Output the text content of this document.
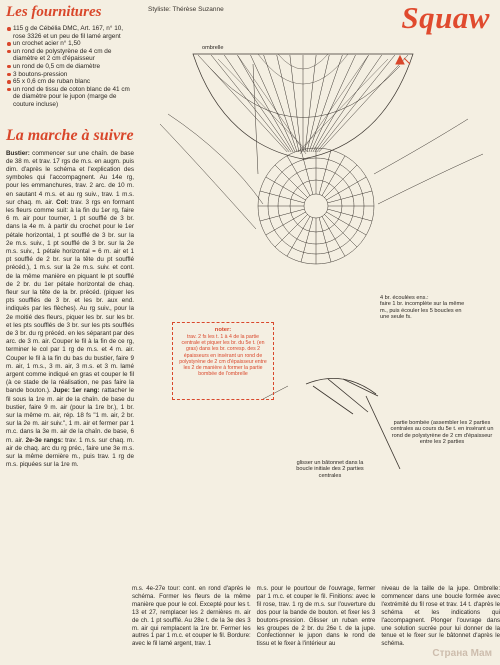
Les fournitures
115 g de Cébélia DMC, Art. 167, n° 10, rose 3326 et un peu de fil lamé argent
un crochet acier n° 1,50
un rond de polystyrène de 4 cm de diamètre et 2 cm d'épaisseur
un rond de 0,5 cm de diamètre
3 boutons-pression
65 x 0,6 cm de ruban blanc
un rond de tissu de coton blanc de 41 cm de diamètre pour le jupon (marge de couture incluse)
La marche à suivre
Bustier: commencer sur une chaîn. de base de 38 m. et trav. 17 rgs de m.s. en augm. puis dim. d'après le schéma et l'explication des symboles qui l'accompagnent. Au 14e rg, pour les emmanchures, trav. 2 arc. de 10 m. en sautant 4 m.s. et au rg suiv., trav. 1 m.s. sur chaq. m. air. Col: trav. 3 rgs en formant les fleurs comme suit: à la fin du 1er rg, faire 6 m. air pour tourner, 1 pt soufflé de 3 br. dans la 4e m. à partir du crochet pour le 1er pétale horizontal, 1 pt soufflé de 3 br. sur la 2e m.s. suiv., 1 pt soufflé de 3 br. sur la 2e m.s. suiv., 1 pétale horizontal = 6 m. air et 1 pt soufflé de 2 br. sur la tête du pt soufflé précéd.), 1 m.s. sur la 2e m.s. suiv. et cont. de la même manière en piquant le pt soufflé de 2 br. du 1er pétale horizontal de chaq. fleur sur la tête de la br. précéd. (piquer les pts soufflés de 3 br. et les br. aux end. indiqués par les flèches). Au rg suiv., pour la 2e moitié des fleurs, piquer les br. sur les br. et les pts soufflés de 3 br. sur les pts soufflés de 3 br. du rg précéd. en les séparant par des arc. de 3 m. air. Couper le fil à la fin de ce rg, terminer le col par 1 rg de m.s. et 4 m. air. Couper le fil à la fin du bas du bustier, faire 9 m. air, 1 m.s., 3 m. air, 3 m.s. et 3 m. lamé argent comme indiqué en gras et couper le fil (à ce stade de la réalisation, ne pas faire la bande bouton.). Jupe: 1er rang: rattacher le fil sous la 1re m. air de la chaîn. de base du bustier, faire 9 m. air (pour la 1re br.), 1 br. sur la même m. air, rép. 18 fs "1 m. air, 2 br. sur la 2e m. air suiv.", 1 m. air et fermer par 1 m.c. dans la 3e m. air de la chaîn. de base, 6 m. air. 2e-3e rangs: trav. 1 m.s. sur chaq. m. air de chaq. arc du rg préc., faire une 3e m.s. sur la même dernière m., puis trav. 1 rg de m.s. piquées sur la 1re m.
Styliste: Thérèse Suzanne	Squaw
ombrelle
4 br. écoulées ens.:
faire 1 br. incomplète sur la même m., puis écouler les 5 boucles en une seule fs.
noter:
trav. 2 fs les t. 1 à 4 de la partie centrale et piquer les br. du 5e t. (en gras) dans les br. corresp. des 2 épaisseurs en insérant un rond de polystyrène de 2 cm d'épaisseur entre les 2 de manière à former la partie bombée de l'ombrelle
partie bombée (assembler les 2 parties centrales au cours du 5e t. en insérant un rond de polystyrène de 2 cm d'épaisseur entre les 2 parties
glisser un bâtonnet dans la boucle initiale des 2 parties centrales
m.s. 4e-27e tour: cont. en rond d'après le schéma. Former les fleurs de la même manière que pour le col. Excepté pour les t. 13 et 27, remplacer les 2 dernières m. air de ch. 1 pt soufflé. Au 28e t. de la 3e des 3 m. air qui remplacent la 1re br. Fermer les autres 1 par 1 m.c. et couper le fil. Bordure: avec le fil lamé argent, trav. 1
m.s. pour le pourtour de l'ouvrage, fermer par 1 m.c. et couper le fil. Finitions: avec le fil rose, trav. 1 rg de m.s. sur l'ouverture du dos pour la bande de bouton. et fixer les 3 boutons-pression. Glisser un ruban entre les groupes de 2 br. du 26e t. de la jupe. Confectionner le jupon dans le rond de tissu et le fixer à l'intérieur au
niveau de la taille de la jupe. Ombrelle: commencer dans une boucle formée avec l'extrémité du fil rose et trav. 14 t. d'après le schéma et les indications qui l'accompagnent. Plonger l'ouvrage dans une solution sucrée pour lui donner de la tenue et le fixer sur le bâtonnet d'après le schéma.
Страна Мам
